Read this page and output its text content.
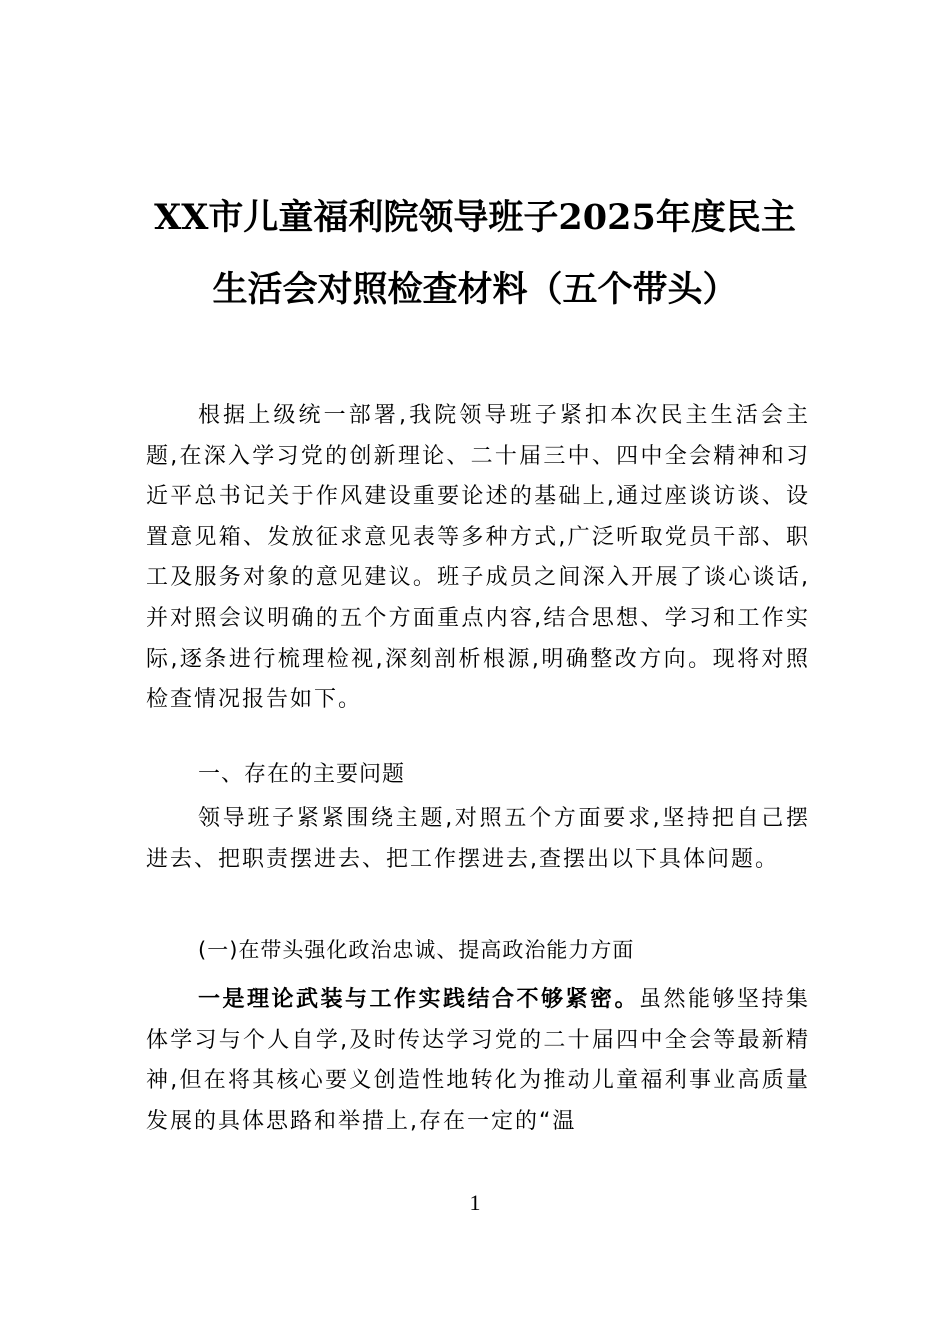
XX市儿童福利院领导班子2025年度民主
生活会对照检查材料（五个带头）

根据上级统一部署,我院领导班子紧扣本次民主生活会主题,在深入学习党的创新理论、二十届三中、四中全会精神和习近平总书记关于作风建设重要论述的基础上,通过座谈访谈、设置意见箱、发放征求意见表等多种方式,广泛听取党员干部、职工及服务对象的意见建议。班子成员之间深入开展了谈心谈话,并对照会议明确的五个方面重点内容,结合思想、学习和工作实际,逐条进行梳理检视,深刻剖析根源,明确整改方向。现将对照检查情况报告如下。

一、存在的主要问题

领导班子紧紧围绕主题,对照五个方面要求,坚持把自己摆进去、把职责摆进去、把工作摆进去,查摆出以下具体问题。

(一)在带头强化政治忠诚、提高政治能力方面

一是理论武装与工作实践结合不够紧密。虽然能够坚持集体学习与个人自学,及时传达学习党的二十届四中全会等最新精神,但在将其核心要义创造性地转化为推动儿童福利事业高质量发展的具体思路和举措上,存在一定的“温

1
